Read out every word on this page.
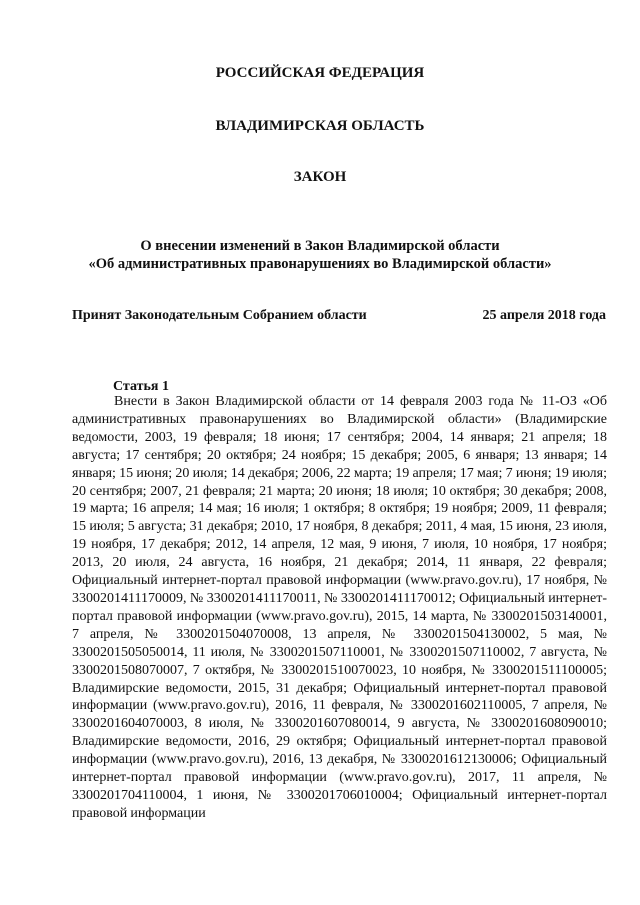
РОССИЙСКАЯ ФЕДЕРАЦИЯ

ВЛАДИМИРСКАЯ ОБЛАСТЬ

ЗАКОН

О внесении изменений в Закон Владимирской области
«Об административных правонарушениях во Владимирской области»
Принят Законодательным Собранием области	25 апреля 2018 года

Статья 1

Внести в Закон Владимирской области от 14 февраля 2003 года № 11-ОЗ «Об административных правонарушениях во Владимирской области» (Владимирские ведомости, 2003, 19 февраля; 18 июня; 17 сентября; 2004, 14 января; 21 апреля; 18 августа; 17 сентября; 20 октября; 24 ноября; 15 декабря; 2005, 6 января; 13 января; 14 января; 15 июня; 20 июля; 14 декабря; 2006, 22 марта; 19 апреля; 17 мая; 7 июня; 19 июля; 20 сентября; 2007, 21 февраля; 21 марта; 20 июня; 18 июля; 10 октября; 30 декабря; 2008, 19 марта; 16 апреля; 14 мая; 16 июля; 1 октября; 8 октября; 19 ноября; 2009, 11 февраля; 15 июля; 5 августа; 31 декабря; 2010, 17 ноября, 8 декабря; 2011, 4 мая, 15 июня, 23 июля, 19 ноября, 17 декабря; 2012, 14 апреля, 12 мая, 9 июня, 7 июля, 10 ноября, 17 ноября; 2013, 20 июля, 24 августа, 16 ноября, 21 декабря; 2014, 11 января, 22 февраля; Официальный интернет-портал правовой информации (www.pravo.gov.ru), 17 ноября, № 3300201411170009, № 3300201411170011, № 3300201411170012; Официальный интернет-портал правовой информации (www.pravo.gov.ru), 2015, 14 марта, № 3300201503140001, 7 апреля, № 3300201504070008, 13 апреля, № 3300201504130002, 5 мая, № 3300201505050014, 11 июля, № 3300201507110001, № 3300201507110002, 7 августа, № 3300201508070007, 7 октября, № 3300201510070023, 10 ноября, № 3300201511100005; Владимирские ведомости, 2015, 31 декабря; Официальный интернет-портал правовой информации (www.pravo.gov.ru), 2016, 11 февраля, № 3300201602110005, 7 апреля, № 3300201604070003, 8 июля, № 3300201607080014, 9 августа, № 3300201608090010; Владимирские ведомости, 2016, 29 октября; Официальный интернет-портал правовой информации (www.pravo.gov.ru), 2016, 13 декабря, № 3300201612130006; Официальный интернет-портал правовой информации (www.pravo.gov.ru), 2017, 11 апреля, № 3300201704110004, 1 июня, № 3300201706010004; Официальный интернет-портал правовой информации
